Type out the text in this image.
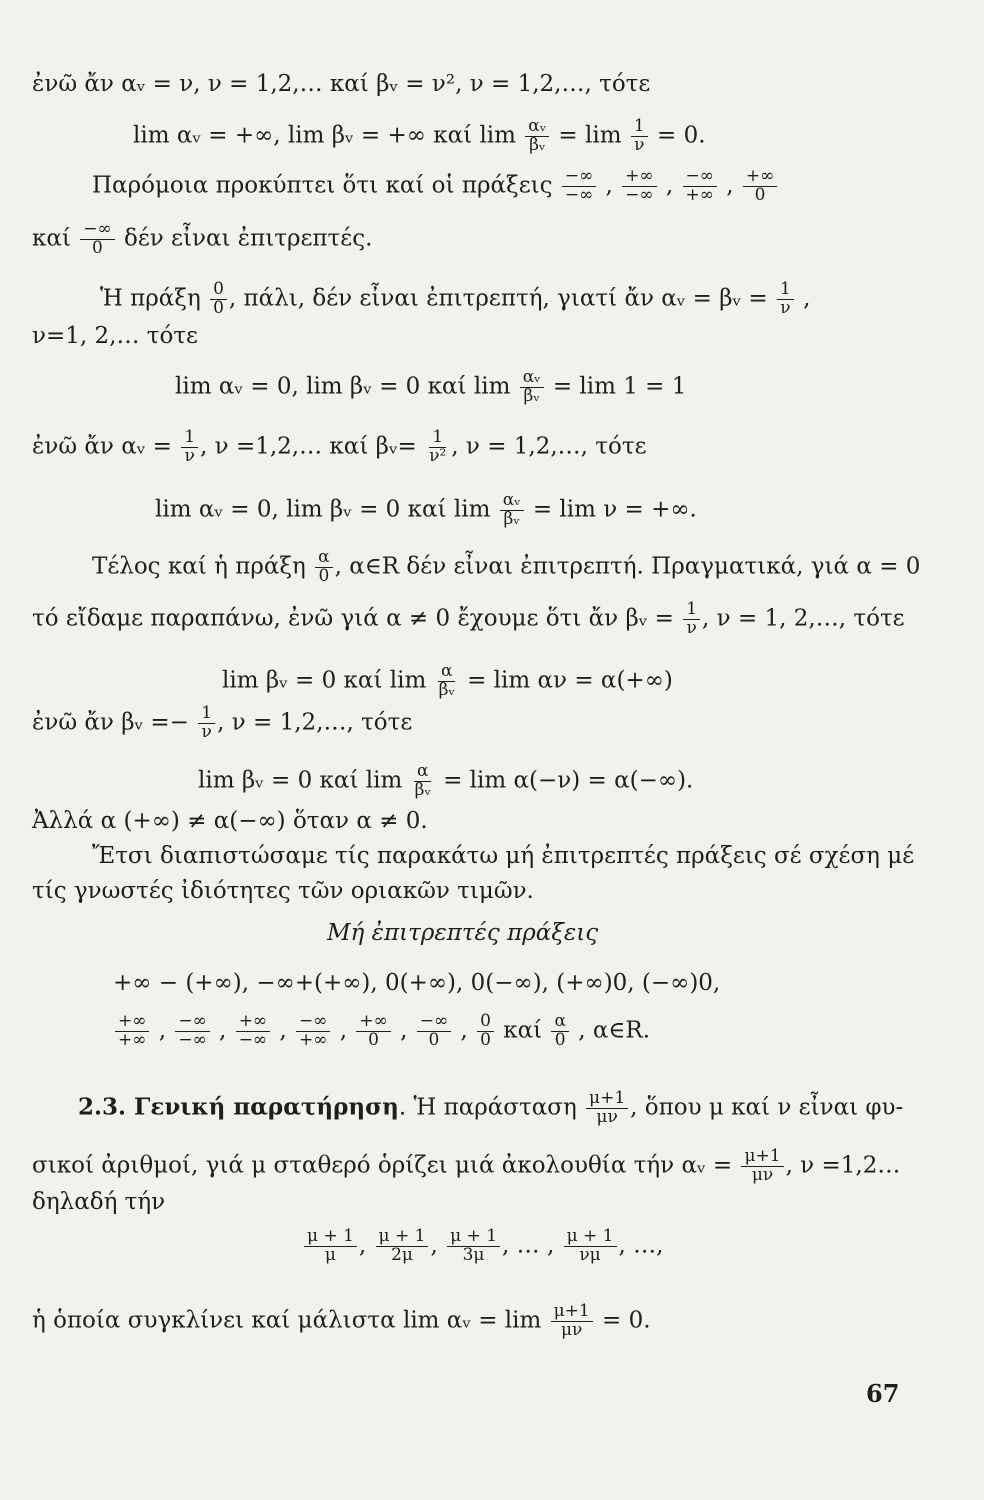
ἐνῶ ἄν αᵥ = ν, ν = 1,2,… καί βᵥ = ν², ν = 1,2,…, τότε
lim αᵥ = +∞, lim βᵥ = +∞ καί $\lim \frac{\text{αᵥ}}{\text{βᵥ}} = \lim \frac{1}{\nu} = 0$.
Παρόμοια προκύπτει ὅτι καί οἱ πράξεις $\frac{-\infty}{-\infty}$ , $\frac{+\infty}{-\infty}$ , $\frac{-\infty}{+\infty}$ , $\frac{+\infty}{0}$
καί $\frac{-\infty}{0}$ δέν εἶναι ἐπιτρεπτές.
Ἡ πράξη $\frac{0}{0}$ , πάλι, δέν εἶναι ἐπιτρεπτή, γιατί ἄν αᵥ = βᵥ = $\frac{1}{\nu}$ ,
ν=1, 2,… τότε
lim αᵥ = 0, lim βᵥ = 0 καί $\lim \frac{\text{αᵥ}}{\text{βᵥ}} = \lim 1 = 1$
ἐνῶ ἄν αᵥ = $\frac{1}{\nu}$ , ν =1,2,… καί βᵥ= $\frac{1}{\text{ν²}}$ , ν = 1,2,…, τότε
lim αᵥ = 0, lim βᵥ = 0 καί $\lim \frac{\text{αᵥ}}{\text{βᵥ}} = \lim \nu$ = +∞.
Τέλος καί ἡ πράξη $\frac{\alpha}{0}$ , α∈R δέν εἶναι ἐπιτρεπτή. Πραγματικά, γιά α = 0
τό εἴδαμε παραπάνω, ἐνῶ γιά α ≠ 0 ἔχουμε ὅτι ἄν βᵥ = $\frac{1}{\nu}$ , ν = 1, 2,…, τότε
lim βᵥ = 0 καί $\lim \frac{\alpha}{\text{βᵥ}} = \lim \alpha\nu = \alpha(+\infty)$
ἐνῶ ἄν βᵥ =− $\frac{1}{\nu}$ , ν = 1,2,…, τότε
lim βᵥ = 0 καί $\lim \frac{\alpha}{\text{βᵥ}} = \lim \alpha(-\nu) = \alpha(-\infty)$.
Ἀλλά α (+∞) ≠ α(−∞) ὅταν α ≠ 0.
Ἔτσι διαπιστώσαμε τίς παρακάτω μή ἐπιτρεπτές πράξεις σέ σχέση μέ
τίς γνωστές ἰδιότητες τῶν οριακῶν τιμῶν.
Μή ἐπιτρεπτές πράξεις
+∞ − (+∞), −∞+(+∞), 0(+∞), 0(−∞), (+∞)0, (−∞)0,
$\frac{+\infty}{+\infty}$ , $\frac{-\infty}{-\infty}$ , $\frac{+\infty}{-\infty}$ , $\frac{-\infty}{+\infty}$ , $\frac{+\infty}{0}$ , $\frac{-\infty}{0}$ , $\frac{0}{0}$ καί $\frac{\alpha}{0}$ , α∈R.
2.3. Γενική παρατήρηση. Ἡ παράσταση $\frac{\mu+1}{\mu\nu}$ , ὅπου μ καί ν εἶναι φυ-
σικοί ἀριθμοί, γιά μ σταθερό ὁρίζει μιά ἀκολουθία τήν αᵥ = $\frac{\mu+1}{\mu\nu}$ , ν =1,2…
δηλαδή τήν
$\frac{\mu + 1}{\mu}$ , $\frac{\mu + 1}{2\mu}$ , $\frac{\mu + 1}{3\mu}$ , … , $\frac{\mu + 1}{\nu\mu}$ , …,
ἡ ὁποία συγκλίνει καί μάλιστα lim αᵥ = $\lim \frac{\mu+1}{\mu\nu} = 0$.
67
